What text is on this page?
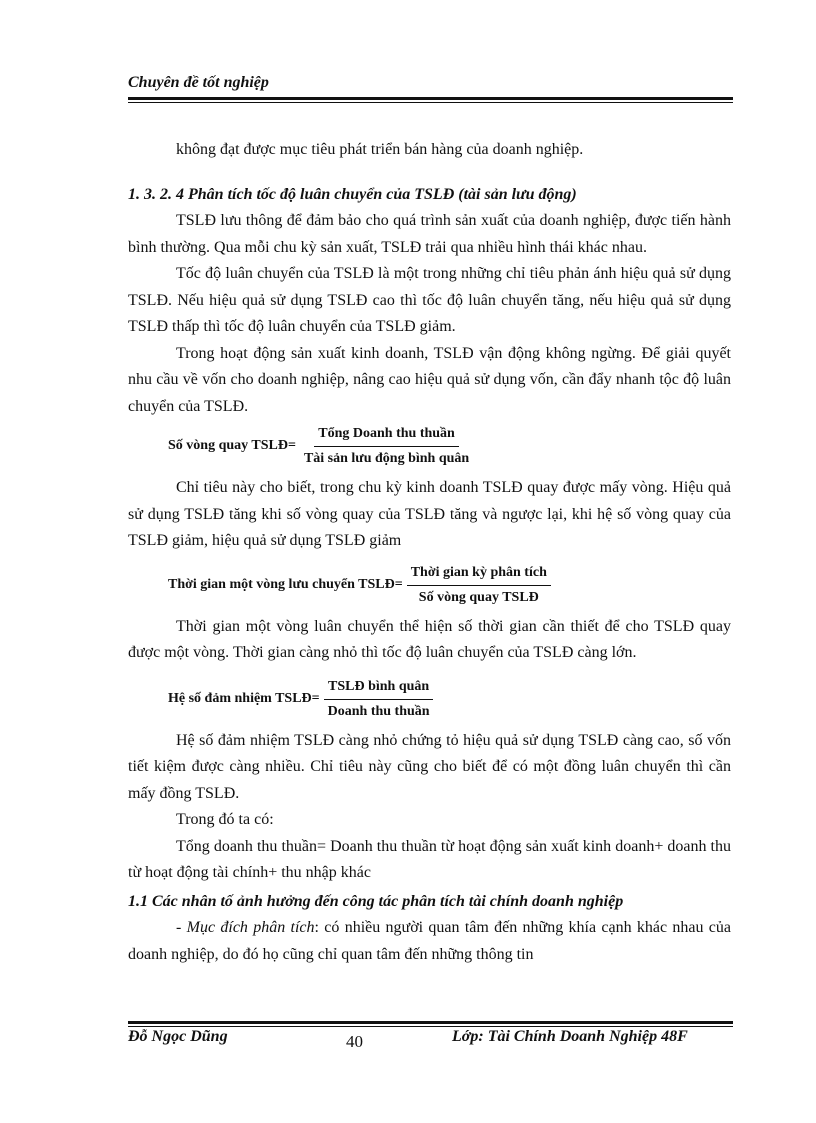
Chuyên đề tốt nghiệp

không đạt được mục tiêu phát triển bán hàng của doanh nghiệp.

1. 3. 2. 4 Phân tích tốc độ luân chuyển của TSLĐ (tài sản lưu động)

TSLĐ lưu thông để đảm bảo cho quá trình sản xuất của doanh nghiệp, được tiến hành bình thường. Qua mỗi chu kỳ sản xuất, TSLĐ trải qua nhiều hình thái khác nhau.

Tốc độ luân chuyển của TSLĐ là một trong những chỉ tiêu phản ánh hiệu quả sử dụng TSLĐ. Nếu hiệu quả sử dụng TSLĐ cao thì tốc độ luân chuyển tăng, nếu hiệu quả sử dụng TSLĐ thấp thì tốc độ luân chuyển của TSLĐ giảm.

Trong hoạt động sản xuất kinh doanh, TSLĐ vận động không ngừng. Để giải quyết nhu cầu về vốn cho doanh nghiệp, nâng cao hiệu quả sử dụng vốn, cần đẩy nhanh tộc độ luân chuyển của TSLĐ.

Số vòng quay TSLĐ= $\frac{\text{Tổng Doanh thu thuần}}{\text{Tài sản lưu động bình quân}}$

Chỉ tiêu này cho biết, trong chu kỳ kinh doanh TSLĐ quay được mấy vòng. Hiệu quả sử dụng TSLĐ tăng khi số vòng quay của TSLĐ tăng và ngược lại, khi hệ số vòng quay của TSLĐ giảm, hiệu quả sử dụng TSLĐ giảm

Thời gian một vòng lưu chuyển TSLĐ= $\frac{\text{Thời gian kỳ phân tích}}{\text{Số vòng quay TSLĐ}}$

Thời gian một vòng luân chuyển thể hiện số thời gian cần thiết để cho TSLĐ quay được một vòng. Thời gian càng nhỏ thì tốc độ luân chuyển của TSLĐ càng lớn.

Hệ số đảm nhiệm TSLĐ= $\frac{\text{TSLĐ bình quân}}{\text{Doanh thu thuần}}$

Hệ số đảm nhiệm TSLĐ càng nhỏ chứng tỏ hiệu quả sử dụng TSLĐ càng cao, số vốn tiết kiệm được càng nhiều. Chỉ tiêu này cũng cho biết để có một đồng luân chuyển thì cần mấy đồng TSLĐ.

Trong đó ta có:

Tổng doanh thu thuần= Doanh thu thuần từ hoạt động sản xuất kinh doanh+ doanh thu từ hoạt động tài chính+ thu nhập khác

1.1 Các nhân tố ảnh hưởng đến công tác phân tích tài chính doanh nghiệp

- Mục đích phân tích: có nhiều người quan tâm đến những khía cạnh khác nhau của doanh nghiệp, do đó họ cũng chỉ quan tâm đến những thông tin

Đỗ Ngọc Dũng	40	Lớp: Tài Chính Doanh Nghiệp 48F
